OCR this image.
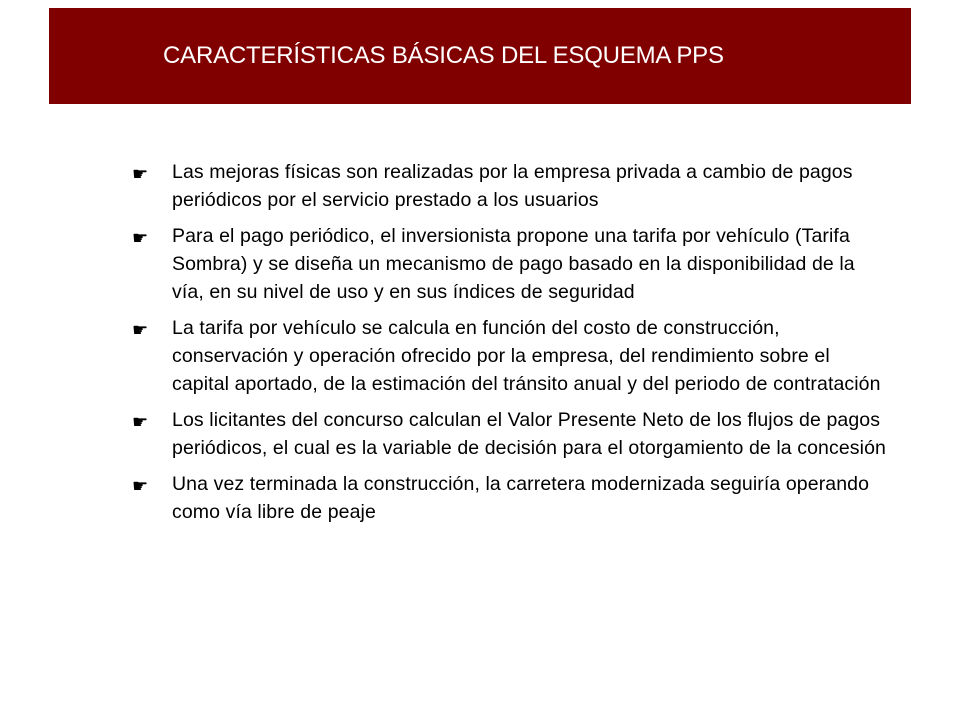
CARACTERÍSTICAS BÁSICAS DEL ESQUEMA PPS
☛	Las mejoras físicas son realizadas por la empresa privada a cambio de pagos periódicos por el servicio prestado a los usuarios
☛	Para el pago periódico, el inversionista propone una tarifa por vehículo (Tarifa Sombra) y se diseña un mecanismo de pago basado en la disponibilidad de la vía, en su nivel de uso y en sus índices de seguridad
☛	La tarifa por vehículo se calcula en función del costo de construcción, conservación y operación ofrecido por la empresa, del rendimiento sobre el capital aportado, de la estimación del tránsito anual y del periodo de contratación
☛	Los licitantes del concurso calculan el Valor Presente Neto de los flujos de pagos periódicos, el cual es la variable de decisión para el otorgamiento de la concesión
☛	Una vez terminada la construcción, la carretera modernizada seguiría operando como vía libre de peaje
